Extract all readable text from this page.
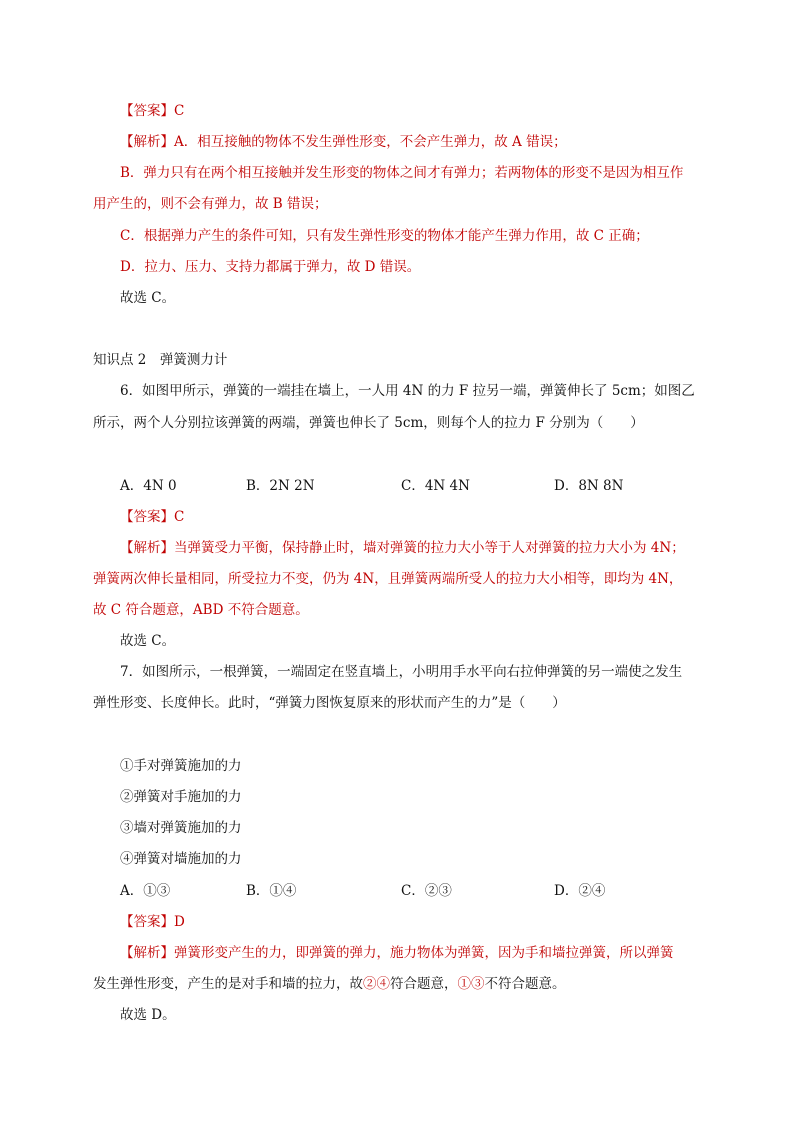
【答案】C
【解析】A．相互接触的物体不发生弹性形变，不会产生弹力，故 A 错误；
B．弹力只有在两个相互接触并发生形变的物体之间才有弹力；若两物体的形变不是因为相互作
用产生的，则不会有弹力，故 B 错误；
C．根据弹力产生的条件可知，只有发生弹性形变的物体才能产生弹力作用，故 C 正确；
D．拉力、压力、支持力都属于弹力，故 D 错误。
故选 C。
知识点 2　弹簧测力计
6．如图甲所示，弹簧的一端挂在墙上，一人用 4N 的力 F 拉另一端，弹簧伸长了 5cm；如图乙
所示，两个人分别拉该弹簧的两端，弹簧也伸长了 5cm，则每个人的拉力 F 分别为（　　）
A．4N 0	B．2N 2N	C．4N 4N	D．8N 8N
【答案】C
【解析】当弹簧受力平衡，保持静止时，墙对弹簧的拉力大小等于人对弹簧的拉力大小为 4N；
弹簧两次伸长量相同，所受拉力不变，仍为 4N，且弹簧两端所受人的拉力大小相等，即均为 4N，
故 C 符合题意，ABD 不符合题意。
故选 C。
7．如图所示，一根弹簧，一端固定在竖直墙上，小明用手水平向右拉伸弹簧的另一端使之发生
弹性形变、长度伸长。此时，“弹簧力图恢复原来的形状而产生的力”是（　　）
①手对弹簧施加的力
②弹簧对手施加的力
③墙对弹簧施加的力
④弹簧对墙施加的力
A．①③	B．①④	C．②③	D．②④
【答案】D
【解析】弹簧形变产生的力，即弹簧的弹力，施力物体为弹簧，因为手和墙拉弹簧，所以弹簧
发生弹性形变，产生的是对手和墙的拉力，故②④符合题意，①③不符合题意。
故选 D。
